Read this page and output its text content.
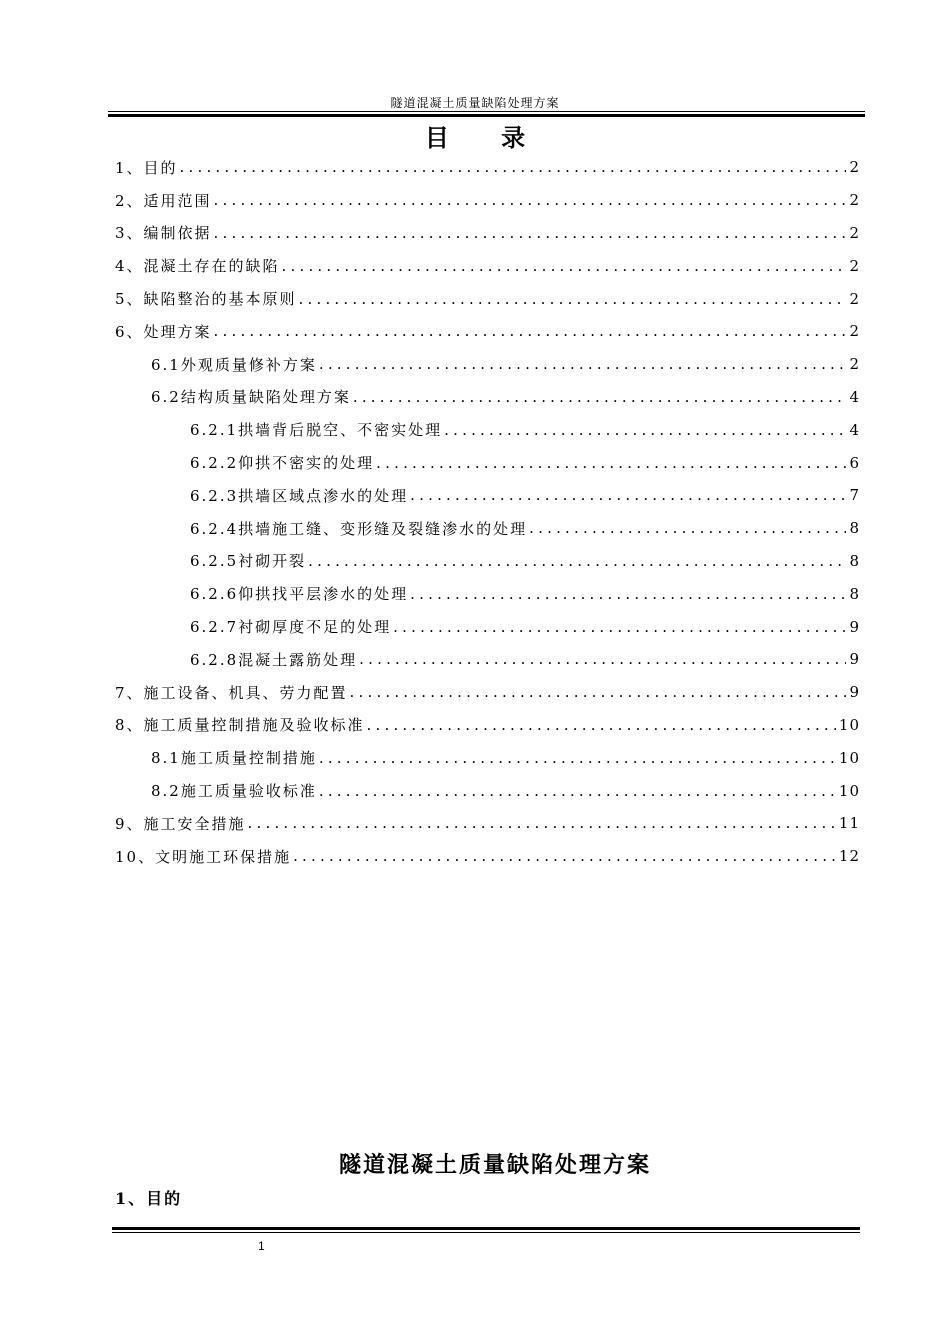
隧道混凝土质量缺陷处理方案
目 录
1、目的 .....	2
2、适用范围 .....	2
3、编制依据 .....	2
4、混凝土存在的缺陷 .....	2
5、缺陷整治的基本原则 .....	2
6、处理方案 .....	2
6.1外观质量修补方案 .....	2
6.2结构质量缺陷处理方案 .....	4
6.2.1拱墙背后脱空、不密实处理 .....	4
6.2.2仰拱不密实的处理 .....	6
6.2.3拱墙区域点渗水的处理 .....	7
6.2.4拱墙施工缝、变形缝及裂缝渗水的处理 .....	8
6.2.5衬砌开裂 .....	8
6.2.6仰拱找平层渗水的处理 .....	8
6.2.7衬砌厚度不足的处理 .....	9
6.2.8混凝土露筋处理 .....	9
7、施工设备、机具、劳力配置 .....	9
8、施工质量控制措施及验收标准 .....	10
8.1施工质量控制措施 .....	10
8.2施工质量验收标准 .....	10
9、施工安全措施 .....	11
10、文明施工环保措施 .....	12
隧道混凝土质量缺陷处理方案
1、目的
1
